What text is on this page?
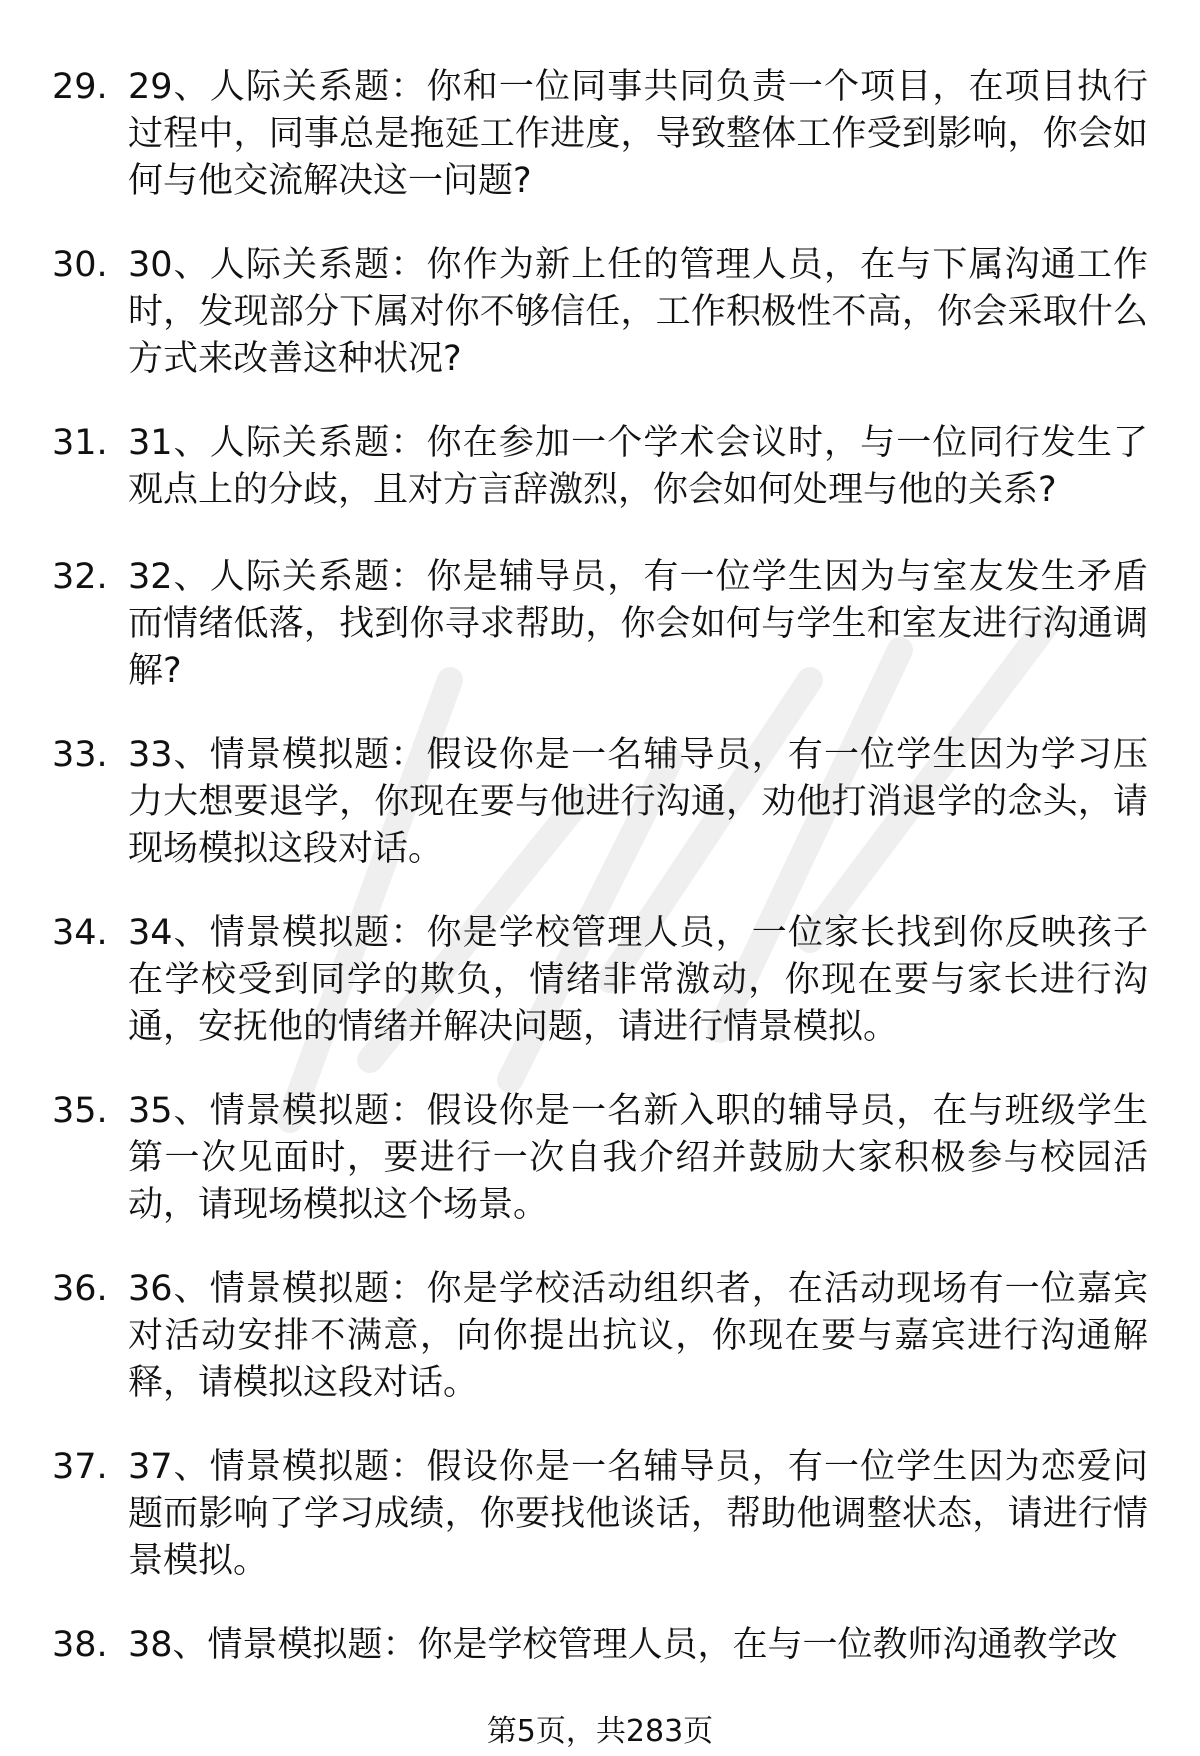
29. 29、人际关系题：你和一位同事共同负责一个项目，在项目执行过程中，同事总是拖延工作进度，导致整体工作受到影响，你会如何与他交流解决这一问题?
30. 30、人际关系题：你作为新上任的管理人员，在与下属沟通工作时，发现部分下属对你不够信任，工作积极性不高，你会采取什么方式来改善这种状况?
31. 31、人际关系题：你在参加一个学术会议时，与一位同行发生了观点上的分歧，且对方言辞激烈，你会如何处理与他的关系?
32. 32、人际关系题：你是辅导员，有一位学生因为与室友发生矛盾而情绪低落，找到你寻求帮助，你会如何与学生和室友进行沟通调解?
33. 33、情景模拟题：假设你是一名辅导员，有一位学生因为学习压力大想要退学，你现在要与他进行沟通，劝他打消退学的念头，请现场模拟这段对话。
34. 34、情景模拟题：你是学校管理人员，一位家长找到你反映孩子在学校受到同学的欺负，情绪非常激动，你现在要与家长进行沟通，安抚他的情绪并解决问题，请进行情景模拟。
35. 35、情景模拟题：假设你是一名新入职的辅导员，在与班级学生第一次见面时，要进行一次自我介绍并鼓励大家积极参与校园活动，请现场模拟这个场景。
36. 36、情景模拟题：你是学校活动组织者，在活动现场有一位嘉宾对活动安排不满意，向你提出抗议，你现在要与嘉宾进行沟通解释，请模拟这段对话。
37. 37、情景模拟题：假设你是一名辅导员，有一位学生因为恋爱问题而影响了学习成绩，你要找他谈话，帮助他调整状态，请进行情景模拟。
38. 38、情景模拟题：你是学校管理人员，在与一位教师沟通教学改
第5页，共283页
